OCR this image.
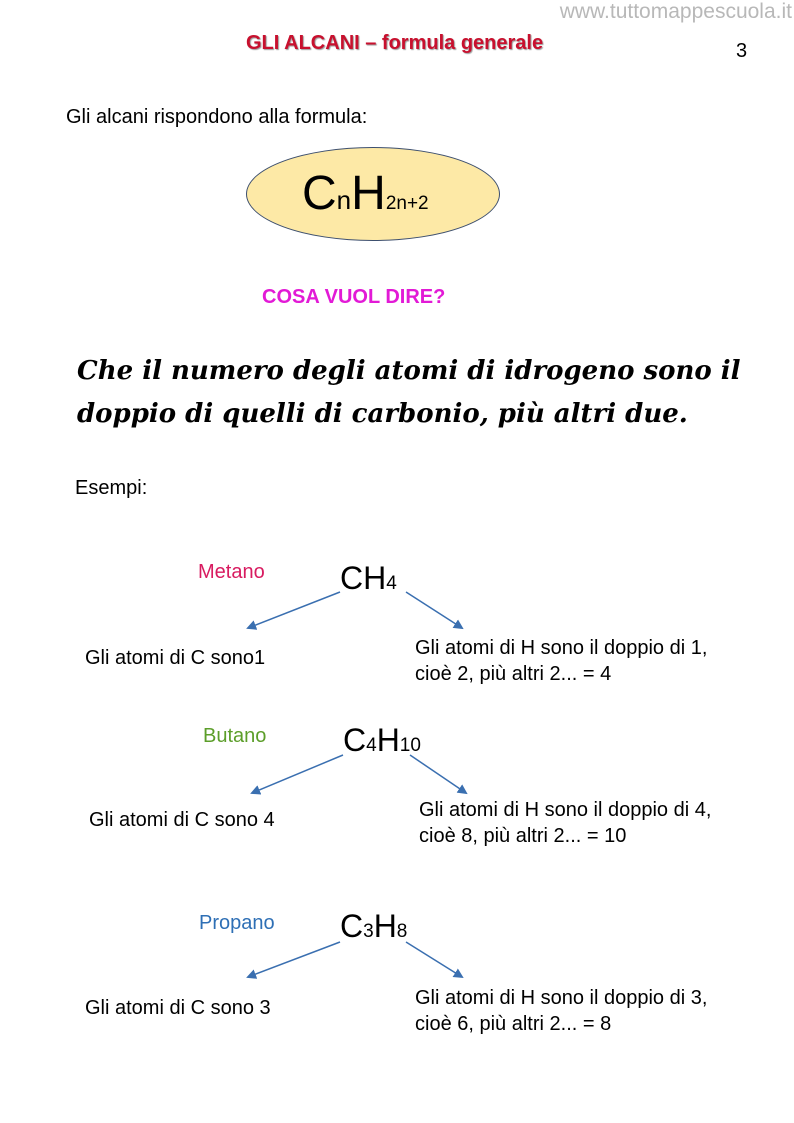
www.tuttomappescuola.it
GLI ALCANI – formula generale	3
Gli alcani rispondono alla formula:
CnH2n+2
COSA VUOL DIRE?
Che il numero degli atomi di idrogeno sono il doppio di quelli di carbonio, più altri due.
Esempi:
Metano CH4
Gli atomi di C sono1	Gli atomi di H sono il doppio di 1,
cioè 2, più altri 2... = 4
Butano C4H10
Gli atomi di C sono 4	Gli atomi di H sono il doppio di 4,
cioè 8, più altri 2... = 10
Propano C3H8
Gli atomi di C sono 3	Gli atomi di H sono il doppio di 3,
cioè 6, più altri 2... = 8
